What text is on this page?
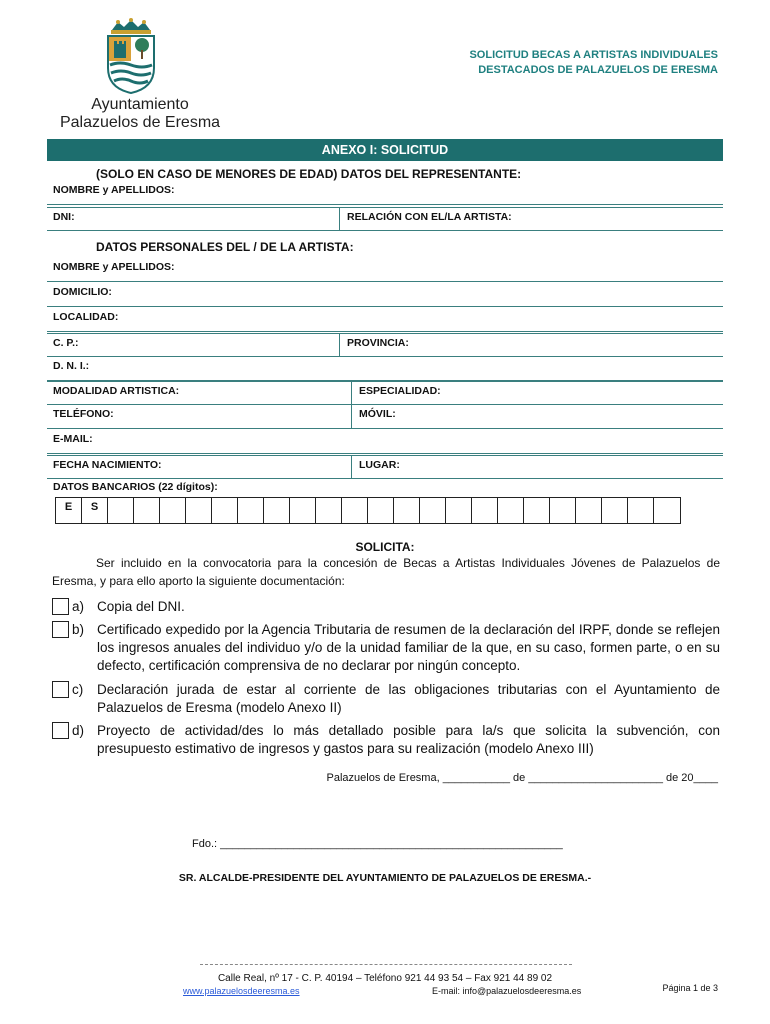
Ayuntamiento
Palazuelos de Eresma
SOLICITUD BECAS A ARTISTAS INDIVIDUALES
DESTACADOS DE PALAZUELOS DE ERESMA
ANEXO I: SOLICITUD
(SOLO EN CASO DE MENORES DE EDAD) DATOS DEL REPRESENTANTE:
NOMBRE y APELLIDOS:
DNI:	RELACIÓN CON EL/LA ARTISTA:
DATOS PERSONALES DEL / DE LA ARTISTA:
NOMBRE y APELLIDOS:
DOMICILIO:
LOCALIDAD:
C. P.:	PROVINCIA:
D. N. I.:
MODALIDAD ARTISTICA:	ESPECIALIDAD:
TELÉFONO:	MÓVIL:
E-MAIL:
FECHA NACIMIENTO:	LUGAR:
DATOS BANCARIOS (22 dígitos):
E	S
SOLICITA:
Ser incluido en la convocatoria para la concesión de Becas a Artistas Individuales Jóvenes de Palazuelos de Eresma, y para ello aporto la siguiente documentación:
a) Copia del DNI.
b) Certificado expedido por la Agencia Tributaria de resumen de la declaración del IRPF, donde se reflejen los ingresos anuales del individuo y/o de la unidad familiar de la que, en su caso, formen parte, o en su defecto, certificación comprensiva de no declarar por ningún concepto.
c) Declaración jurada de estar al corriente de las obligaciones tributarias con el Ayuntamiento de Palazuelos de Eresma (modelo Anexo II)
d) Proyecto de actividad/des lo más detallado posible para la/s que solicita la subvención, con presupuesto estimativo de ingresos y gastos para su realización (modelo Anexo III)
Palazuelos de Eresma, ___________ de ______________________ de 20____
Fdo.: ________________________________________________________
SR. ALCALDE-PRESIDENTE DEL AYUNTAMIENTO DE PALAZUELOS DE ERESMA.-
Calle Real, nº 17 - C. P. 40194 – Teléfono 921 44 93 54 – Fax 921 44 89 02
www.palazuelosdeeresma.es	E-mail: info@palazuelosdeeresma.es	Página 1 de 3
